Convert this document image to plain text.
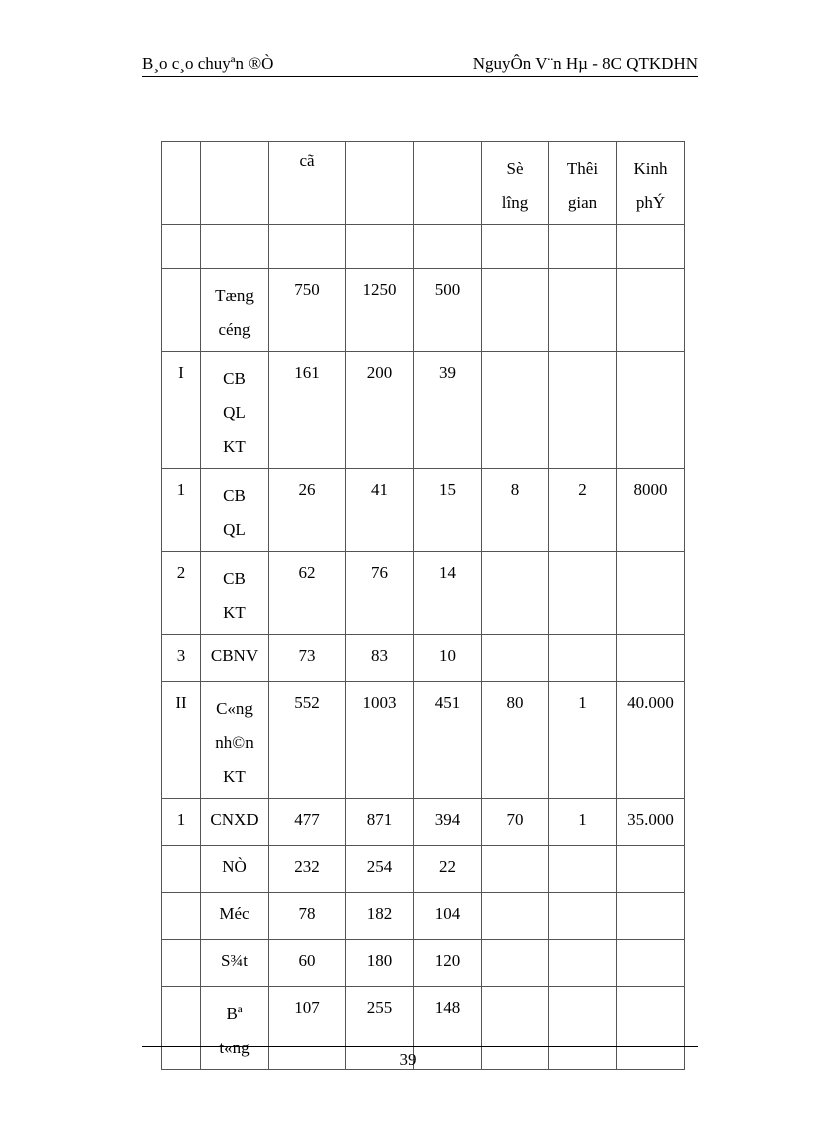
B¸o c¸o chuyªn ®Ò	NguyÔn V¨n Hµ - 8C QTKDHN
		cã			Sè lîng	Thêi gian	Kinh phÝ

	Tæng céng	750	1250	500			
I	CB QL KT	161	200	39			
1	CB QL	26	41	15	8	2	8000
2	CB KT	62	76	14			
3	CBNV	73	83	10			
II	C«ng nh©n KT	552	1003	451	80	1	40.000
1	CNXD	477	871	394	70	1	35.000
	NÒ	232	254	22			
	Méc	78	182	104			
	S¾t	60	180	120			
	Bª t«ng	107	255	148			
39
